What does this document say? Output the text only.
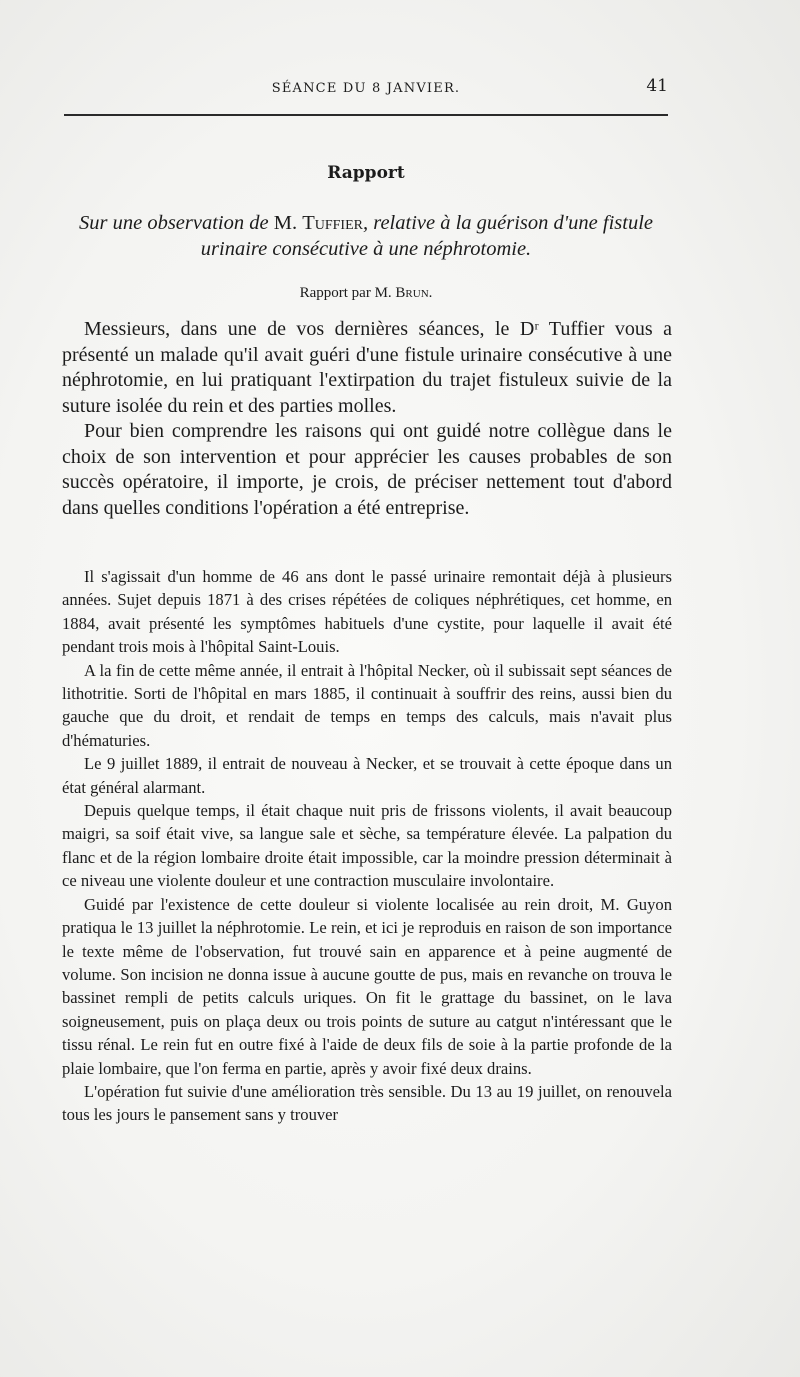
SÉANCE DU 8 JANVIER.	41
Rapport
Sur une observation de M. Tuffier, relative à la guérison d'une fistule urinaire consécutive à une néphrotomie.
Rapport par M. Brun.

Messieurs, dans une de vos dernières séances, le Dʳ Tuffier vous a présenté un malade qu'il avait guéri d'une fistule urinaire consécutive à une néphrotomie, en lui pratiquant l'extirpation du trajet fistuleux suivie de la suture isolée du rein et des parties molles.

Pour bien comprendre les raisons qui ont guidé notre collègue dans le choix de son intervention et pour apprécier les causes probables de son succès opératoire, il importe, je crois, de préciser nettement tout d'abord dans quelles conditions l'opération a été entreprise.

Il s'agissait d'un homme de 46 ans dont le passé urinaire remontait déjà à plusieurs années. Sujet depuis 1871 à des crises répétées de coliques néphrétiques, cet homme, en 1884, avait présenté les symptômes habituels d'une cystite, pour laquelle il avait été pendant trois mois à l'hôpital Saint-Louis.

A la fin de cette même année, il entrait à l'hôpital Necker, où il subissait sept séances de lithotritie. Sorti de l'hôpital en mars 1885, il continuait à souffrir des reins, aussi bien du gauche que du droit, et rendait de temps en temps des calculs, mais n'avait plus d'hématuries.

Le 9 juillet 1889, il entrait de nouveau à Necker, et se trouvait à cette époque dans un état général alarmant.

Depuis quelque temps, il était chaque nuit pris de frissons violents, il avait beaucoup maigri, sa soif était vive, sa langue sale et sèche, sa température élevée. La palpation du flanc et de la région lombaire droite était impossible, car la moindre pression déterminait à ce niveau une violente douleur et une contraction musculaire involontaire.

Guidé par l'existence de cette douleur si violente localisée au rein droit, M. Guyon pratiqua le 13 juillet la néphrotomie. Le rein, et ici je reproduis en raison de son importance le texte même de l'observation, fut trouvé sain en apparence et à peine augmenté de volume. Son incision ne donna issue à aucune goutte de pus, mais en revanche on trouva le bassinet rempli de petits calculs uriques. On fit le grattage du bassinet, on le lava soigneusement, puis on plaça deux ou trois points de suture au catgut n'intéressant que le tissu rénal. Le rein fut en outre fixé à l'aide de deux fils de soie à la partie profonde de la plaie lombaire, que l'on ferma en partie, après y avoir fixé deux drains.

L'opération fut suivie d'une amélioration très sensible. Du 13 au 19 juillet, on renouvela tous les jours le pansement sans y trouver
